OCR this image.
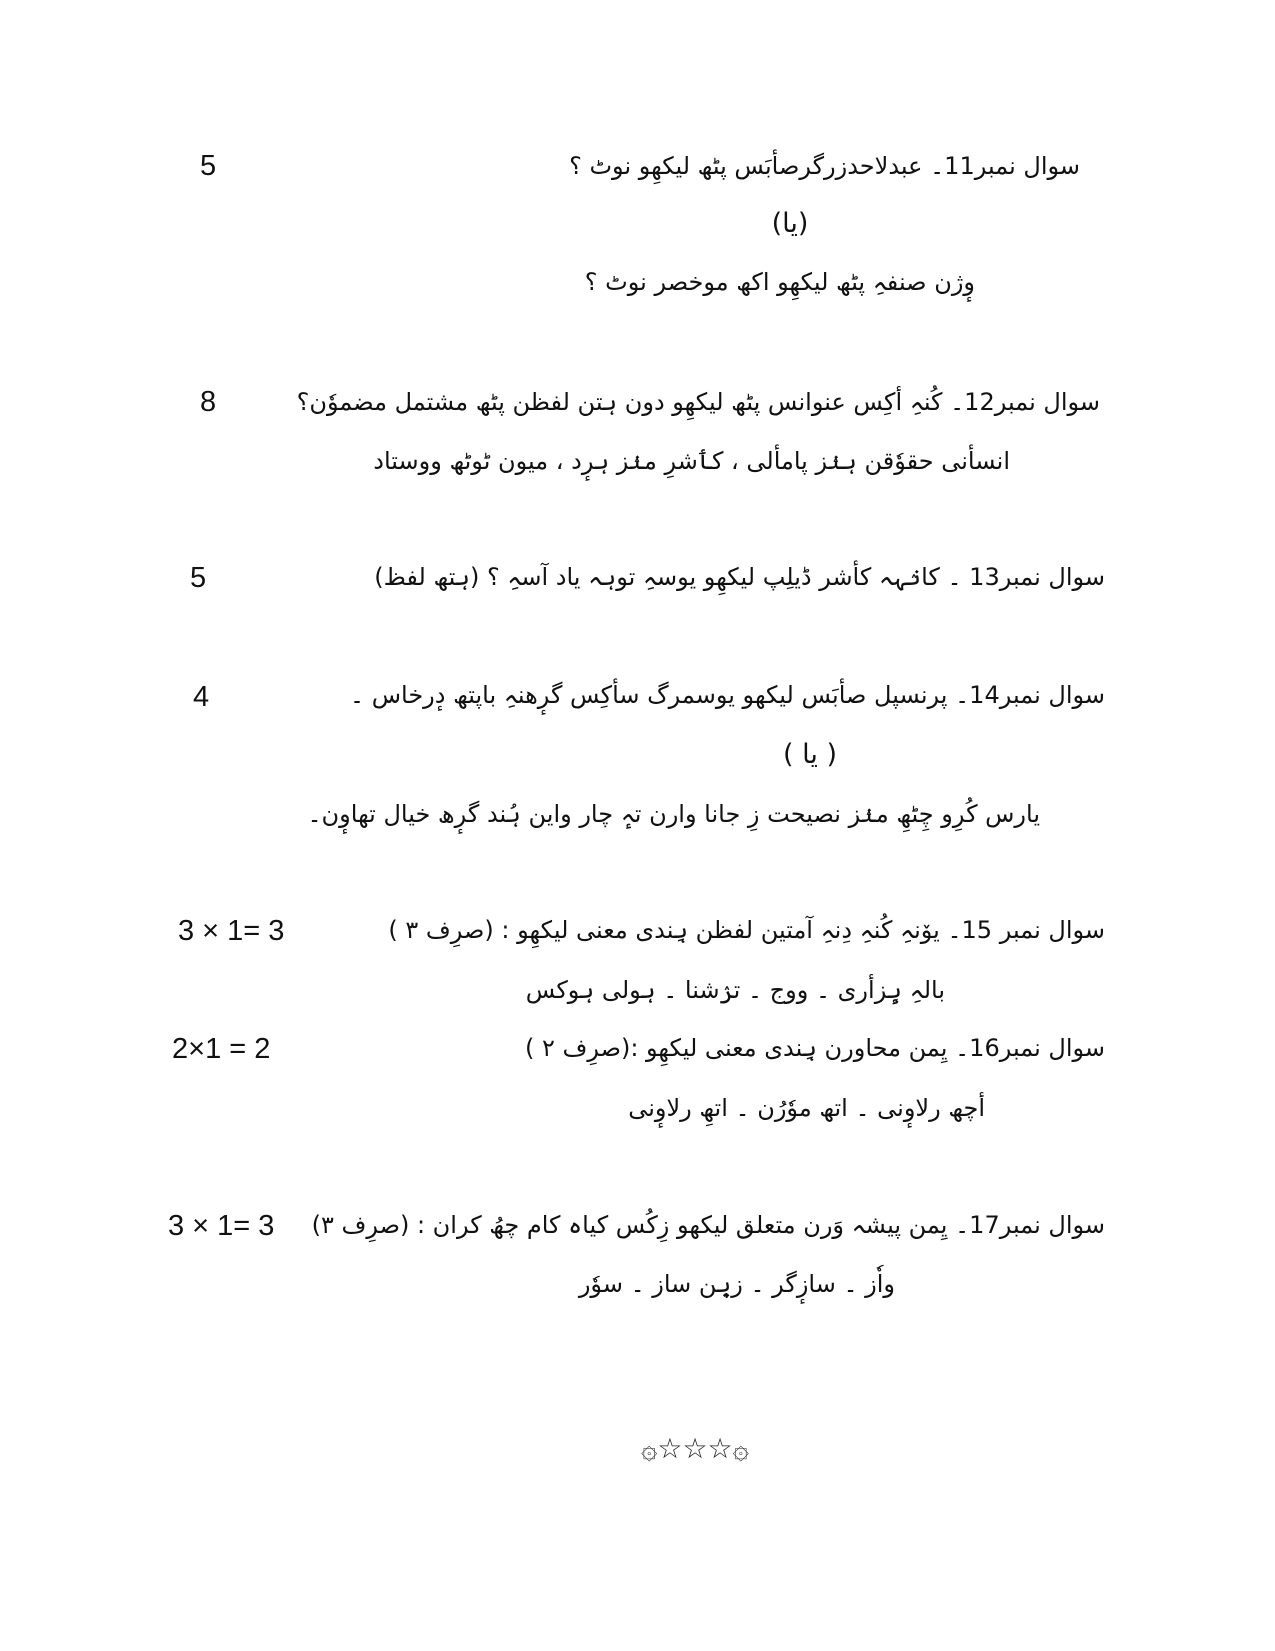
5	سوال نمبر11۔ عبدلاحدزرگرصأبَس پٹھ لیکھِو نوٹ ؟
(یا)
وٕژن صنفہِ پٹھ لیکھِو اکھ موخصر نوٹ ؟
8	سوال نمبر12۔ کُنہِ أکِس عنوانس پٹھ لیکھِو دون ہتن لفظن پٹھ مشتمل مضموٗن؟
انسأنی حقوٗقن ہنٛز پامألی ، کٲشرِ منٛز ہرٕد ، میون ٹوٹھ ووستاد
5	سوال نمبر13 ۔ کانٛہہ کأشر ڈیلِپ لیکھِو یوسہِ توہہ یاد آسہِ ؟ (ہتھ لفظ)
4	سوال نمبر14۔ پرنسپل صأبَس لیکھو یوسمرگ سأکِس گرٕھنہِ باپتھ دٕرخاس ۔
( یا )
یارس کُرِو چِٹھِ منٛز نصیحت زِ جانا وارن تہٕ چار واین ہُند گرٕھ خیال تھاوٕن۔
3 × 1= 3	سوال نمبر 15۔ یوٚنہِ کُنہِ دِنہِ آمتین لفظن ہِندی معنی لیکھِو : (صرِف ۳ )
بالہِ ہٕزأری ۔ ووج ۔ ترٛشنا ۔ ہولی ہوکس
2×1 = 2	سوال نمبر16۔ یِمن محاورن ہِندی معنی لیکھِو :(صرِف ۲ )
أچھ رلاوٕنی ۔ اتھ موٗرُن ۔ اتھِ رلاوٕنی
3 × 1= 3 سوال نمبر17۔ یِمن پیشہ وَرن متعلق لیکھو زِکُس کیاہ کام چھُ کران : (صرِف ۳)
واٗز ۔ سازٕگر ۔ زیٖن ساز ۔ سوٗر
۞☆☆☆۞
